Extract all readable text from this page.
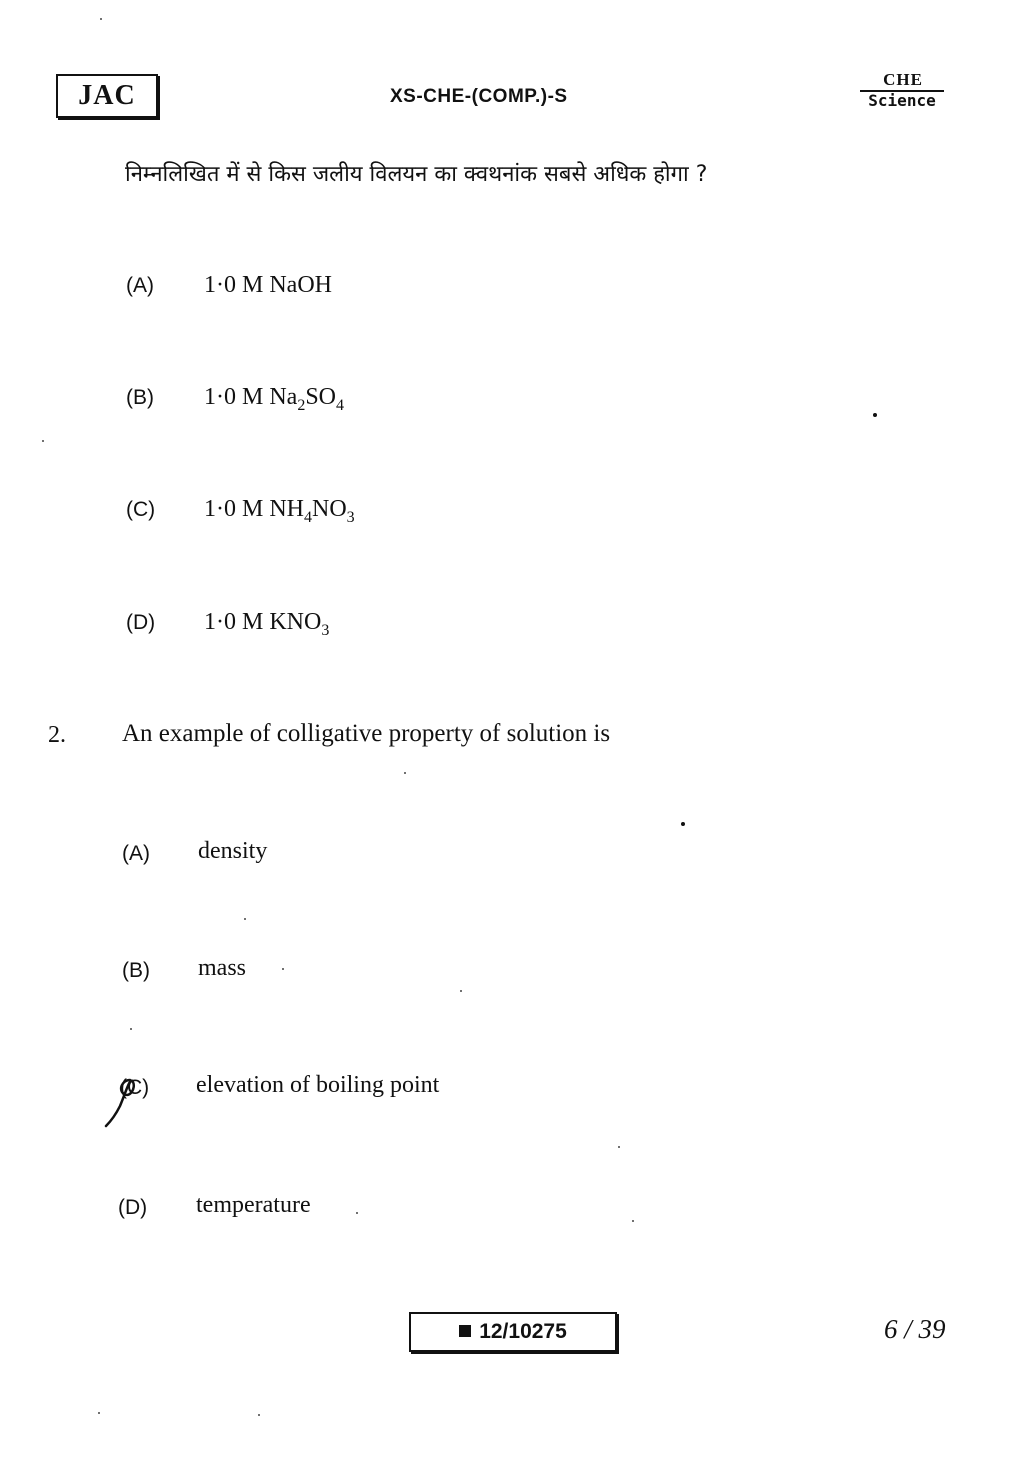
JAC	XS-CHE-(COMP.)-S
CHE
Science
निम्नलिखित में से किस जलीय विलयन का क्वथनांक सबसे अधिक होगा ?
(A) 1·0 M NaOH
(B) 1·0 M $Na_2SO_4$
(C) 1·0 M $NH_4NO_3$
(D) 1·0 M $KNO_3$
2. An example of colligative property of solution is
(A) density
(B) mass
(C) elevation of boiling point
(D) temperature
12/10275	6 / 39
